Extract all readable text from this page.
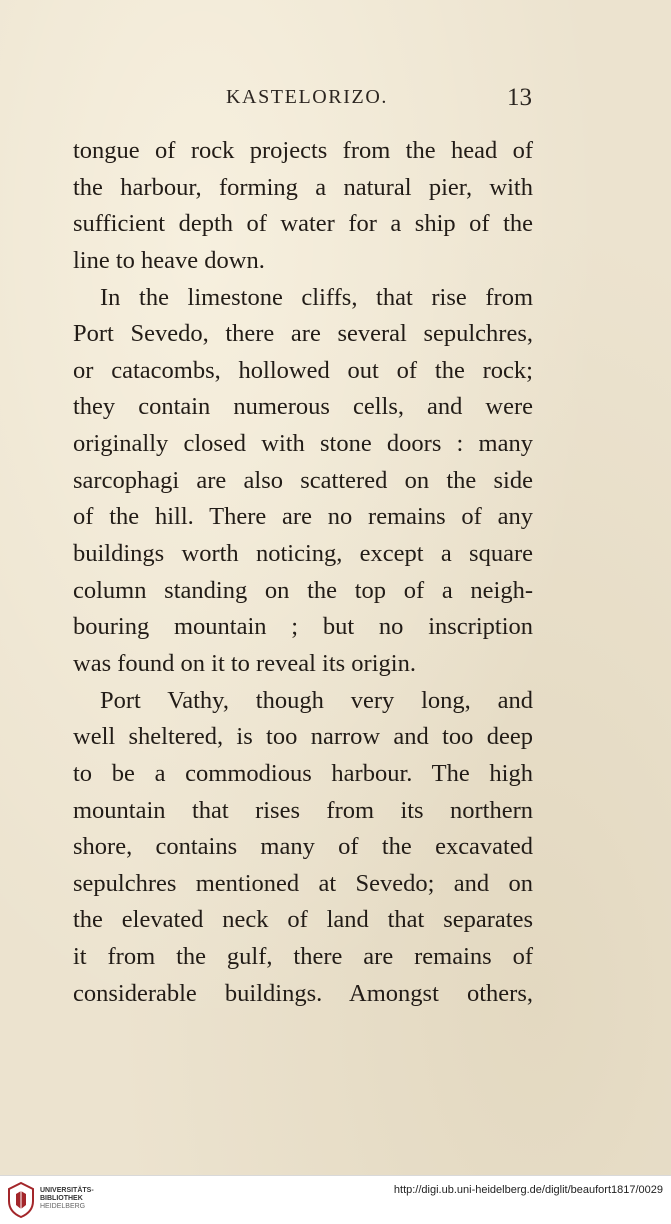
KASTELORIZO.	13
tongue of rock projects from the head of
the harbour, forming a natural pier, with
sufficient depth of water for a ship of the
line to heave down.
In the limestone cliffs, that rise from
Port Sevedo, there are several sepulchres,
or catacombs, hollowed out of the rock;
they contain numerous cells, and were
originally closed with stone doors : many
sarcophagi are also scattered on the side
of the hill. There are no remains of any
buildings worth noticing, except a square
column standing on the top of a neigh-
bouring mountain ; but no inscription
was found on it to reveal its origin.
Port Vathy, though very long, and
well sheltered, is too narrow and too deep
to be a commodious harbour. The high
mountain that rises from its northern
shore, contains many of the excavated
sepulchres mentioned at Sevedo; and on
the elevated neck of land that separates
it from the gulf, there are remains of
considerable buildings. Amongst others,
UNIVERSITÄTS-
BIBLIOTHEK
HEIDELBERG
http://digi.ub.uni-heidelberg.de/diglit/beaufort1817/0029
